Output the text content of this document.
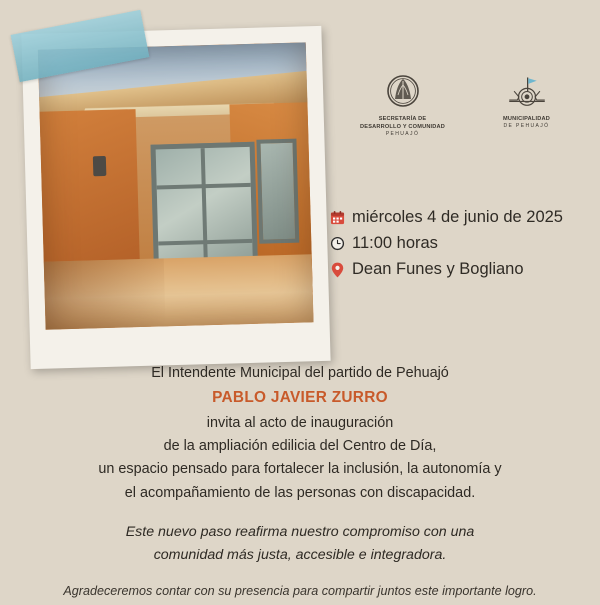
SECRETARÍA DE
DESARROLLO Y COMUNIDAD
PEHUAJÓ
MUNICIPALIDAD
DE PEHUAJÓ
miércoles 4 de junio de 2025
11:00 horas
Dean Funes y Bogliano
El Intendente Municipal del partido de Pehuajó
PABLO JAVIER ZURRO
invita al acto de inauguración
de la ampliación edilicia del Centro de Día,
un espacio pensado para fortalecer la inclusión, la autonomía y
el acompañamiento de las personas con discapacidad.
Este nuevo paso reafirma nuestro compromiso con una
comunidad más justa, accesible e integradora.
Agradeceremos contar con su presencia para compartir juntos este importante logro.
